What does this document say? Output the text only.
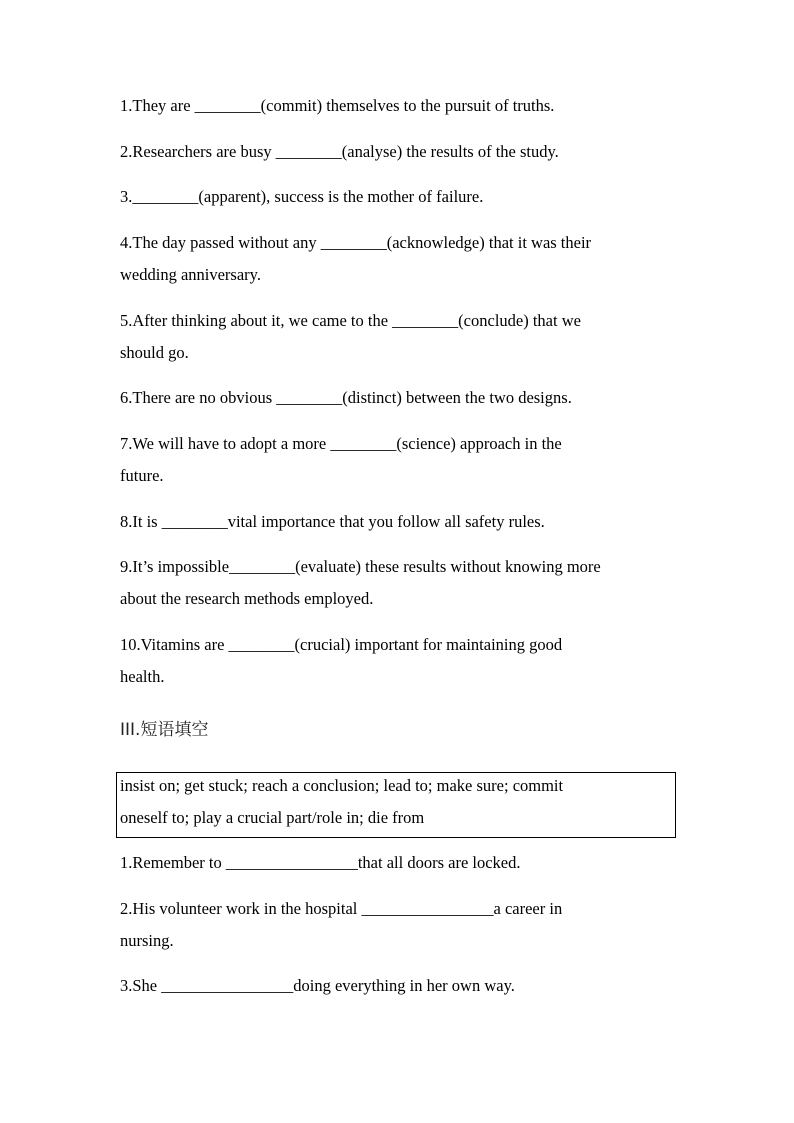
1.They are ________(commit) themselves to the pursuit of truths.
2.Researchers are busy ________(analyse) the results of the study.
3.________(apparent), success is the mother of failure.
4.The day passed without any ________(acknowledge) that it was their
wedding anniversary.
5.After thinking about it, we came to the ________(conclude) that we
should go.
6.There are no obvious ________(distinct) between the two designs.
7.We will have to adopt a more ________(science) approach in the
future.
8.It is ________vital importance that you follow all safety rules.
9.It’s impossible________(evaluate) these results without knowing more
about the research methods employed.
10.Vitamins are ________(crucial) important for maintaining good
health.
III.短语填空
insist on; get stuck; reach a conclusion; lead to; make sure; commit
oneself to; play a crucial part/role in; die from
1.Remember to ________________that all doors are locked.
2.His volunteer work in the hospital ________________a career in
nursing.
3.She ________________doing everything in her own way.
